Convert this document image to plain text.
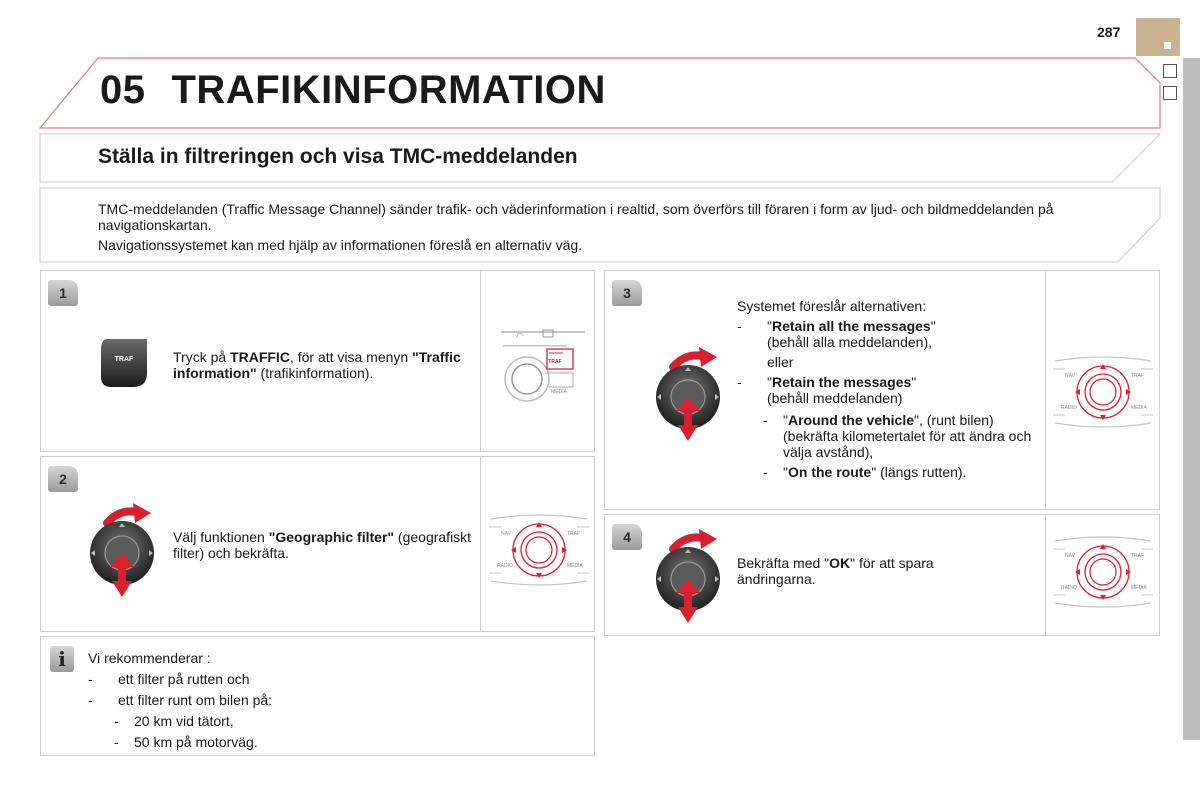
287
05 TRAFIKINFORMATION
Ställa in filtreringen och visa TMC-meddelanden

TMC-meddelanden (Traffic Message Channel) sänder trafik- och väderinformation i realtid, som överförs till föraren i form av ljud- och bildmeddelanden på navigationskartan.

Navigationssystemet kan med hjälp av informationen föreslå en alternativ väg.

1
TRAF	Tryck på TRAFFIC, för att visa menyn "Traffic information" (trafikinformation).
⤺
TRAF
MEDIA
2
Välj funktionen "Geographic filter" (geografiskt filter) och bekräfta.
NAV	TRAF
RADIO	MEDIA
i	Vi rekommenderar :
- ett filter på rutten och
- ett filter runt om bilen på:
- 20 km vid tätort,
- 50 km på motorväg.
3
Systemet föreslår alternativen:
- "Retain all the messages"
(behåll alla meddelanden),
eller
- "Retain the messages"
(behåll meddelanden)
- "Around the vehicle", (runt bilen) (bekräfta kilometertalet för att ändra och välja avstånd),
- "On the route" (längs rutten).
NAV	TRAF
RADIO	MEDIA
4
Bekräfta med "OK" för att spara ändringarna.
NAV	TRAF
RADIO	MEDIA
